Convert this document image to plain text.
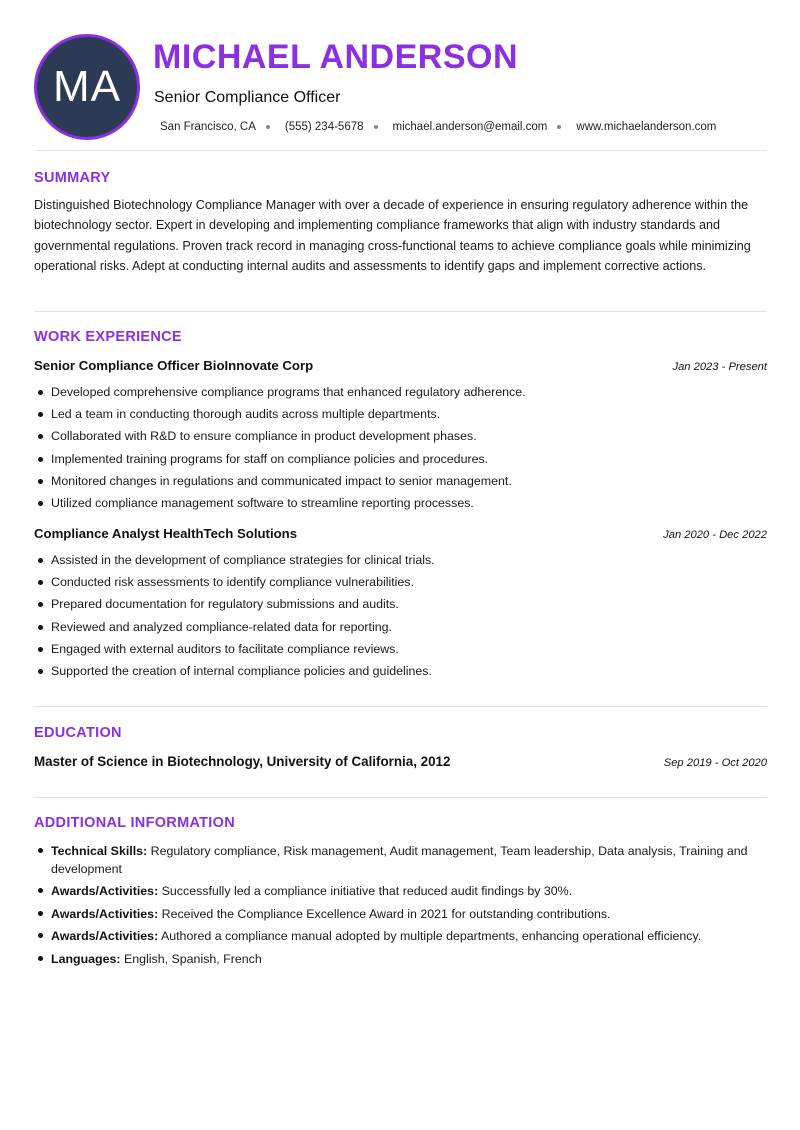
MA
MICHAEL ANDERSON
Senior Compliance Officer
San Francisco, CA	(555) 234-5678	michael.anderson@email.com	www.michaelanderson.com
SUMMARY

Distinguished Biotechnology Compliance Manager with over a decade of experience in ensuring regulatory adherence within the biotechnology sector. Expert in developing and implementing compliance frameworks that align with industry standards and governmental regulations. Proven track record in managing cross-functional teams to achieve compliance goals while minimizing operational risks. Adept at conducting internal audits and assessments to identify gaps and implement corrective actions.

WORK EXPERIENCE
Senior Compliance Officer BioInnovate Corp	Jan 2023 - Present
Developed comprehensive compliance programs that enhanced regulatory adherence.
Led a team in conducting thorough audits across multiple departments.
Collaborated with R&D to ensure compliance in product development phases.
Implemented training programs for staff on compliance policies and procedures.
Monitored changes in regulations and communicated impact to senior management.
Utilized compliance management software to streamline reporting processes.
Compliance Analyst HealthTech Solutions	Jan 2020 - Dec 2022
Assisted in the development of compliance strategies for clinical trials.
Conducted risk assessments to identify compliance vulnerabilities.
Prepared documentation for regulatory submissions and audits.
Reviewed and analyzed compliance-related data for reporting.
Engaged with external auditors to facilitate compliance reviews.
Supported the creation of internal compliance policies and guidelines.
EDUCATION
Master of Science in Biotechnology, University of California, 2012	Sep 2019 - Oct 2020
ADDITIONAL INFORMATION
Technical Skills: Regulatory compliance, Risk management, Audit management, Team leadership, Data analysis, Training and development
Awards/Activities: Successfully led a compliance initiative that reduced audit findings by 30%.
Awards/Activities: Received the Compliance Excellence Award in 2021 for outstanding contributions.
Awards/Activities: Authored a compliance manual adopted by multiple departments, enhancing operational efficiency.
Languages: English, Spanish, French
